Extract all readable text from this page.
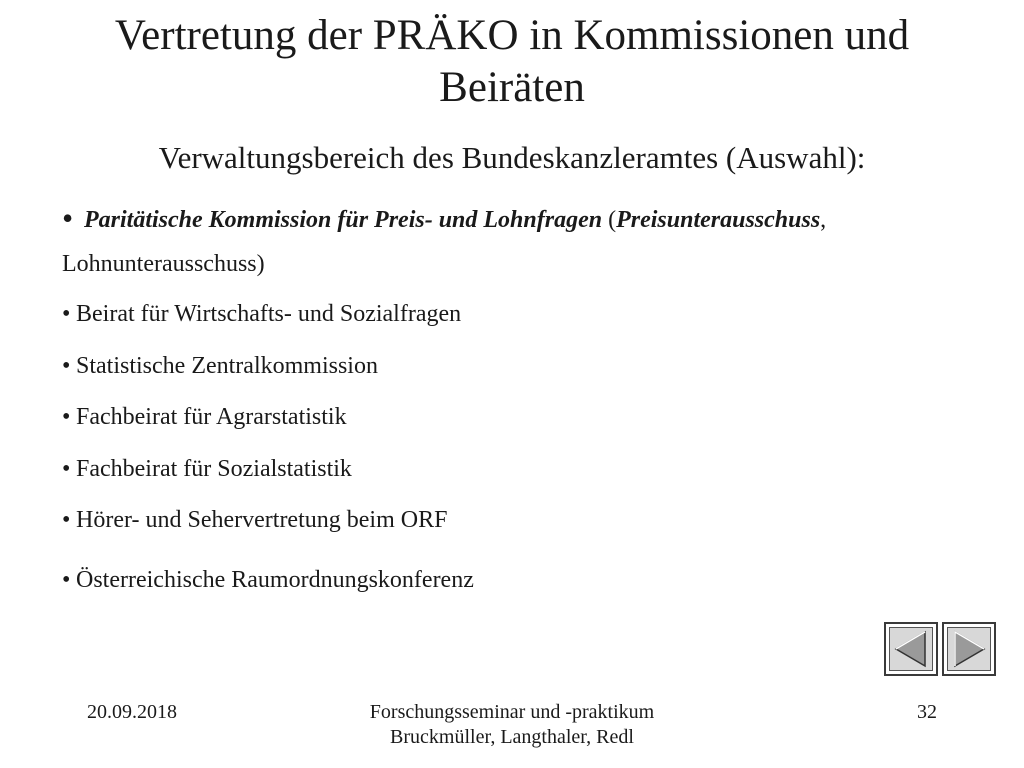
Vertretung der PRÄKO in Kommissionen und
Beiräten
Verwaltungsbereich des Bundeskanzleramtes (Auswahl):
• Paritätische Kommission für Preis- und Lohnfragen (Preisunterausschuss, Lohnunterausschuss)
• Beirat für Wirtschafts- und Sozialfragen
• Statistische Zentralkommission
• Fachbeirat für Agrarstatistik
• Fachbeirat für Sozialstatistik
• Hörer- und Sehervertretung beim ORF
• Österreichische Raumordnungskonferenz
20.09.2018	Forschungsseminar und -praktikum
Bruckmüller, Langthaler, Redl
32
